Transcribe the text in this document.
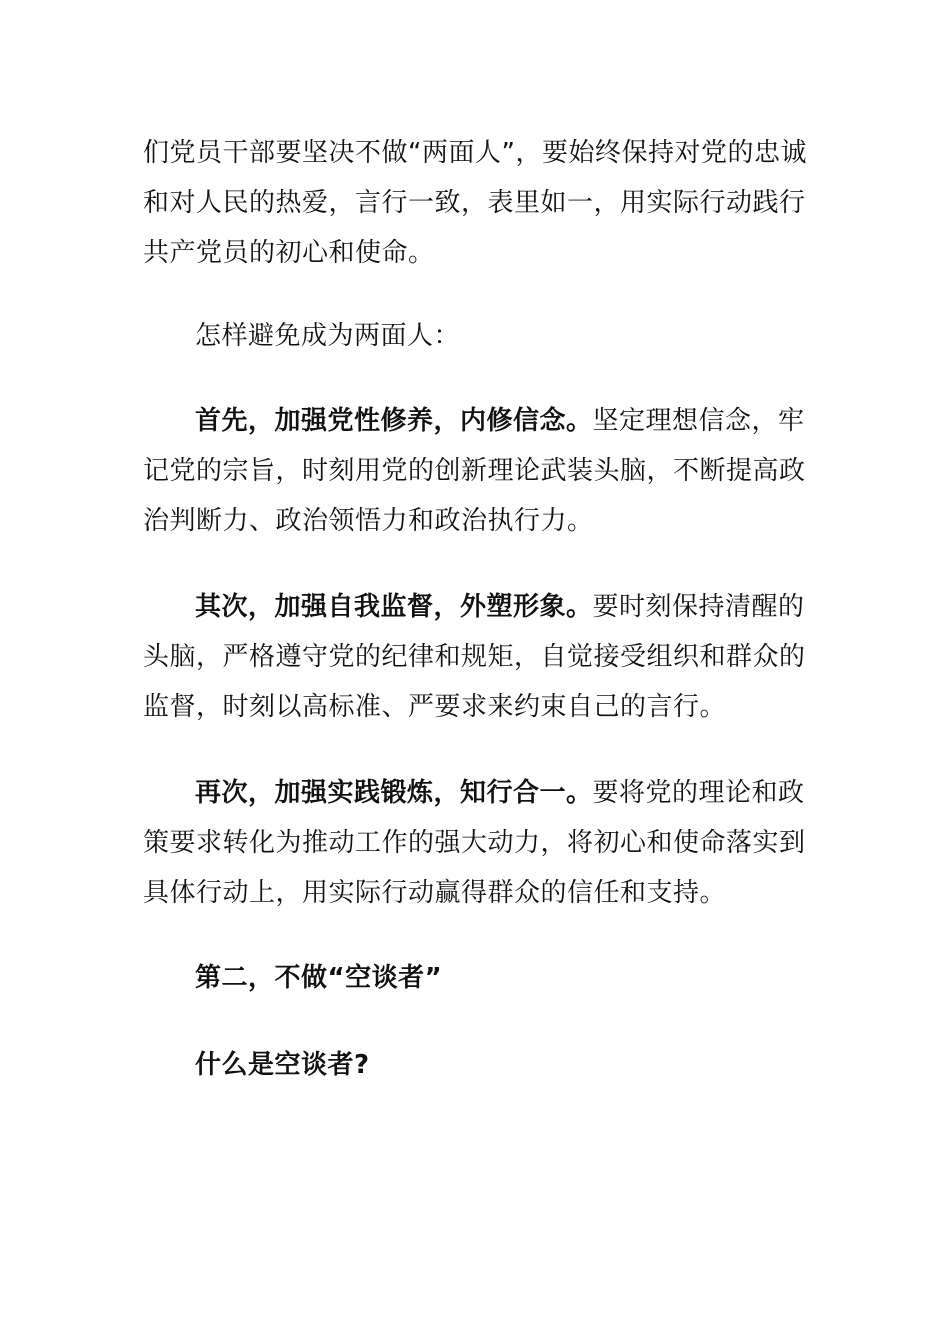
们党员干部要坚决不做“两面人”，要始终保持对党的忠诚和对人民的热爱，言行一致，表里如一，用实际行动践行共产党员的初心和使命。

怎样避免成为两面人：

首先，加强党性修养，内修信念。坚定理想信念，牢记党的宗旨，时刻用党的创新理论武装头脑，不断提高政治判断力、政治领悟力和政治执行力。

其次，加强自我监督，外塑形象。要时刻保持清醒的头脑，严格遵守党的纪律和规矩，自觉接受组织和群众的监督，时刻以高标准、严要求来约束自己的言行。

再次，加强实践锻炼，知行合一。要将党的理论和政策要求转化为推动工作的强大动力，将初心和使命落实到具体行动上，用实际行动赢得群众的信任和支持。

第二，不做“空谈者”

什么是空谈者?
